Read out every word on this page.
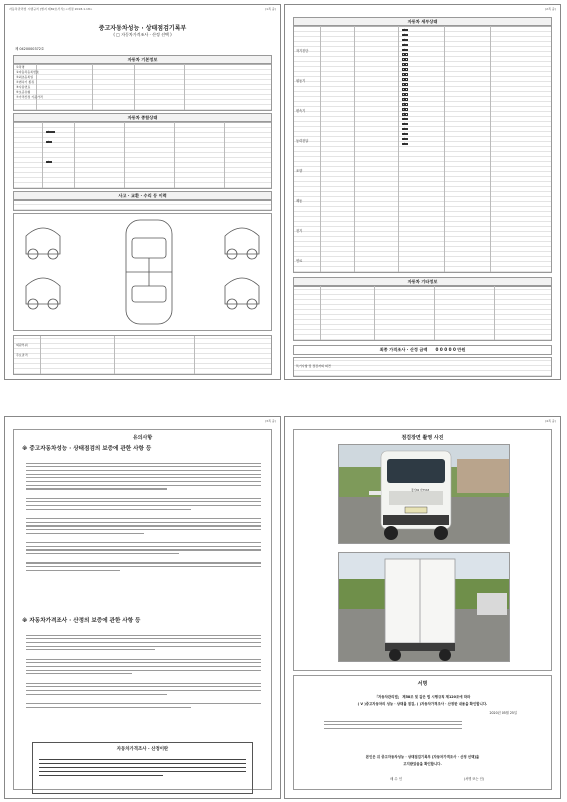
자동차관리법 시행규칙 [별지 제82호서식] <개정 2018.1.18>	(1쪽 중)
중고자동차성능 · 상태점검기록부
( □ 자동차가격조사 · 산정 선택 )
제 0420000372호
자동차 기본정보
①차명
②자동차등록번호
③최초등록일
④변속기 종류
⑤사용연료
⑥보증유형
⑦가격산정 기준가격
자동차 종합상태
✓
✓
✓
사고 · 교환 · 수리 등 이력
외판부위
주요골격
(2쪽 중)
자동차 세부상태
자기진단
원동기
변속기
동력전달
조향
제동
전기
연료
✓
✓
✓
✓
✓
✓
✓
✓
✓
✓
✓
✓
✓
✓
✓
✓
✓
✓
✓
✓
✓
✓
✓
✓
자동차 기타정보
최종 가격조사 · 산정 금액 0 0 0 0 0 만원
특기사항 및 점검자의 의견
(3쪽 중)
유의사항
※ 중고자동차성능 · 상태점검의 보증에 관한 사항 등
※ 자동차가격조사 · 산정의 보증에 관한 사항 등
자동차가격조사 · 산정이란
(4쪽 중)
점검장면 촬영 사진
서명
「자동차관리법」 제58조 및 같은 법 시행규칙 제120조에 따라
( V )중고자동차의 성능 · 상태를 점검, ( )자동차가격조사 · 산정한 내용을 확인합니다.
2020년 05월 25일
본인은 위 중고자동차성능 · 상태점검기록부 [자동차가격조사 · 산정 선택]을
고지받았음을 확인합니다.
매 수 인	(서명 또는 인)
경기82 바7563
